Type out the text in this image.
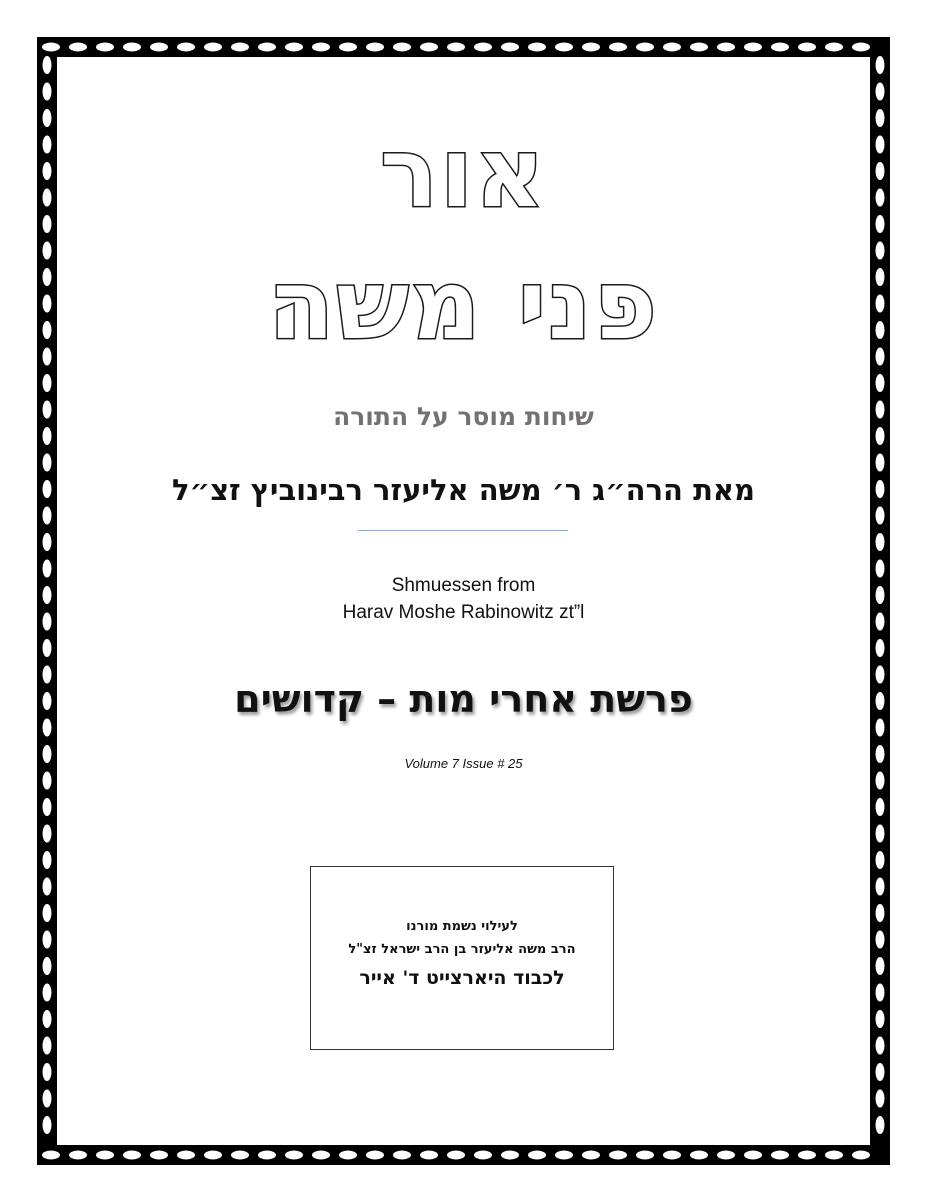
אור
פני משה
שיחות מוסר על התורה
מאת הרה״ג ר׳ משה אליעזר רבינוביץ זצ״ל
Shmuessen from
Harav Moshe Rabinowitz zt”l
פרשת אחרי מות – קדושים
Volume 7 Issue # 25
לעילוי נשמת מורנו
הרב משה אליעזר בן הרב ישראל זצ"ל
לכבוד היארצייט ד' אייר
